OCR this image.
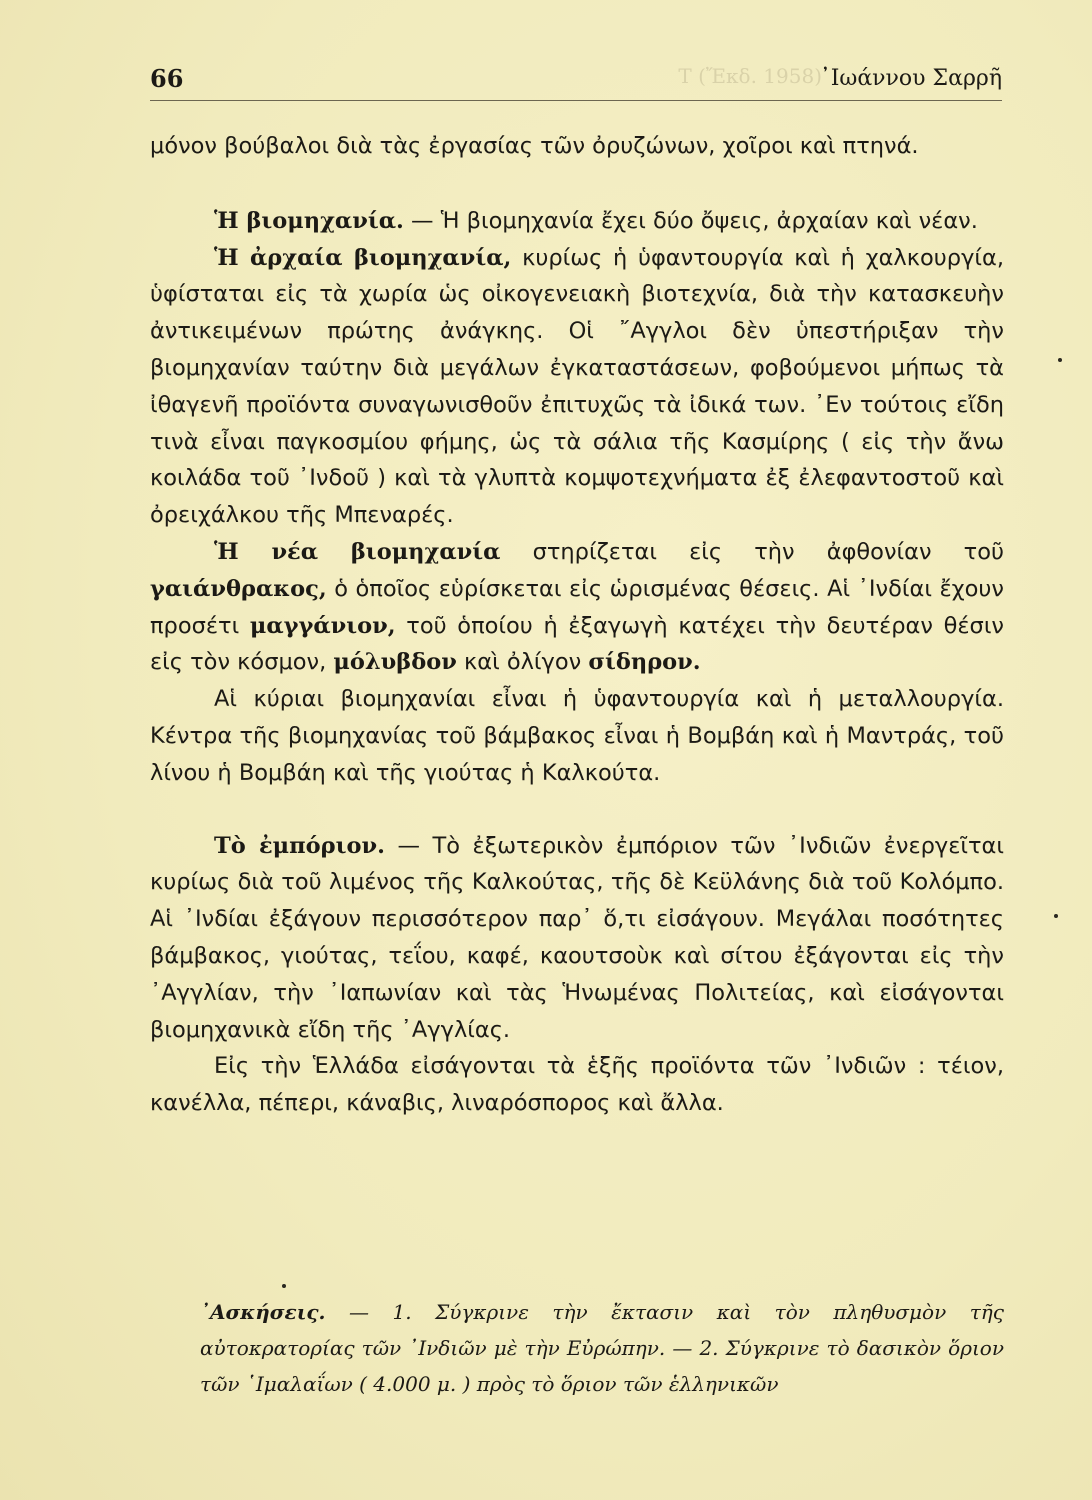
66	Τ (Ἔκδ. 1958)
᾿Ιωάννου Σαρρῆ

μόνον βούβαλοι διὰ τὰς ἐργασίας τῶν ὀρυζώνων, χοῖροι καὶ πτηνά.

Ἡ βιομηχανία. — Ἡ βιομηχανία ἔχει δύο ὄψεις, ἀρχαίαν καὶ νέαν.

Ἡ ἀρχαία βιομηχανία, κυρίως ἡ ὑφαντουργία καὶ ἡ χαλκουργία, ὑφίσταται εἰς τὰ χωρία ὡς οἰκογενειακὴ βιοτεχνία, διὰ τὴν κατασκευὴν ἀντικειμένων πρώτης ἀνάγκης. Οἱ ῎Αγγλοι δὲν ὑπεστήριξαν τὴν βιομηχανίαν ταύτην διὰ μεγάλων ἐγκαταστάσεων, φοβούμενοι μήπως τὰ ἰθαγενῆ προϊόντα συναγωνισθοῦν ἐπιτυχῶς τὰ ἰδικά των. ᾿Εν τούτοις εἴδη τινὰ εἶναι παγκοσμίου φήμης, ὡς τὰ σάλια τῆς Κασμίρης ( εἰς τὴν ἄνω κοιλάδα τοῦ ᾿Ινδοῦ ) καὶ τὰ γλυπτὰ κομψοτεχνήματα ἐξ ἐλεφαντοστοῦ καὶ ὀρειχάλκου τῆς Μπεναρές.

Ἡ νέα βιομηχανία στηρίζεται εἰς τὴν ἀφθονίαν τοῦ γαιάνθρακος, ὁ ὁποῖος εὑρίσκεται εἰς ὡρισμένας θέσεις. Αἱ ᾿Ινδίαι ἔχουν προσέτι μαγγάνιον, τοῦ ὁποίου ἡ ἐξαγωγὴ κατέχει τὴν δευτέραν θέσιν εἰς τὸν κόσμον, μόλυβδον καὶ ὀλίγον σίδηρον.

Αἱ κύριαι βιομηχανίαι εἶναι ἡ ὑφαντουργία καὶ ἡ μεταλλουργία. Κέντρα τῆς βιομηχανίας τοῦ βάμβακος εἶναι ἡ Βομβάη καὶ ἡ Μαντράς, τοῦ λίνου ἡ Βομβάη καὶ τῆς γιούτας ἡ Καλκούτα.

Τὸ ἐμπόριον. — Τὸ ἐξωτερικὸν ἐμπόριον τῶν ᾿Ινδιῶν ἐνεργεῖται κυρίως διὰ τοῦ λιμένος τῆς Καλκούτας, τῆς δὲ Κεϋλάνης διὰ τοῦ Κολόμπο. Αἱ ᾿Ινδίαι ἐξάγουν περισσότερον παρ᾿ ὅ,τι εἰσάγουν. Μεγάλαι ποσότητες βάμβακος, γιούτας, τεΐου, καφέ, καουτσοὺκ καὶ σίτου ἐξάγονται εἰς τὴν ᾿Αγγλίαν, τὴν ᾿Ιαπωνίαν καὶ τὰς Ἡνωμένας Πολιτείας, καὶ εἰσάγονται βιομηχανικὰ εἴδη τῆς ᾿Αγγλίας.

Εἰς τὴν Ἑλλάδα εἰσάγονται τὰ ἑξῆς προϊόντα τῶν ᾿Ινδιῶν : τέιον, κανέλλα, πέπερι, κάναβις, λιναρόσπορος καὶ ἄλλα.

᾿Ασκήσεις. — 1. Σύγκρινε τὴν ἔκτασιν καὶ τὸν πληθυσμὸν τῆς αὐτοκρατορίας τῶν ᾿Ινδιῶν μὲ τὴν Εὐρώπην. — 2. Σύγκρινε τὸ δασικὸν ὅριον τῶν ῾Ιμαλαΐων ( 4.000 μ. ) πρὸς τὸ ὅριον τῶν ἑλληνικῶν
